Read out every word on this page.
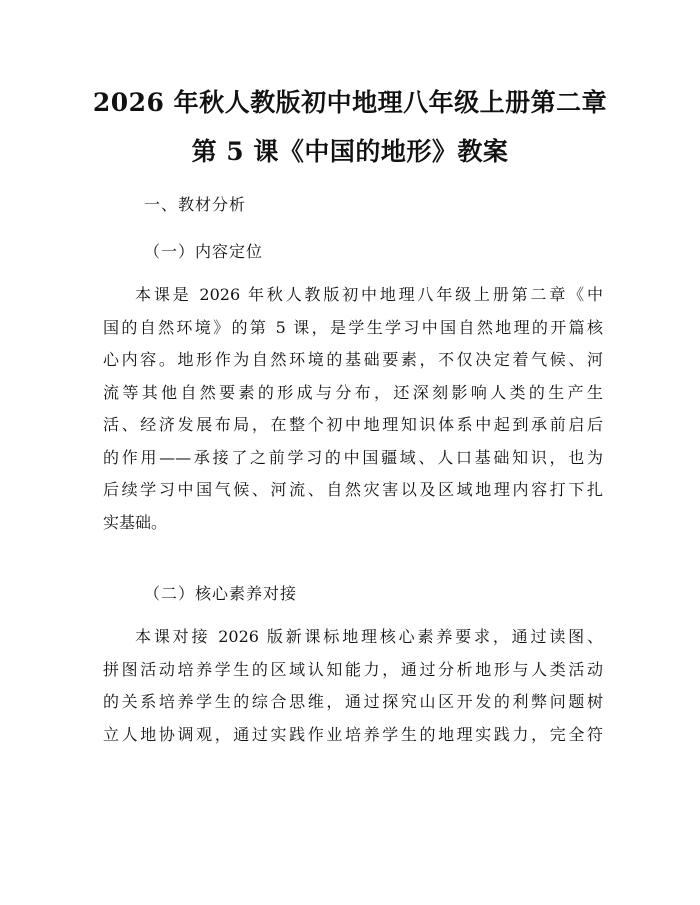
2026 年秋人教版初中地理八年级上册第二章
第 5 课《中国的地形》教案
一、教材分析
（一）内容定位
本课是 2026 年秋人教版初中地理八年级上册第二章《中
国的自然环境》的第 5 课，是学生学习中国自然地理的开篇核
心内容。地形作为自然环境的基础要素，不仅决定着气候、河
流等其他自然要素的形成与分布，还深刻影响人类的生产生
活、经济发展布局，在整个初中地理知识体系中起到承前启后
的作用——承接了之前学习的中国疆域、人口基础知识，也为
后续学习中国气候、河流、自然灾害以及区域地理内容打下扎
实基础。
（二）核心素养对接
本课对接 2026 版新课标地理核心素养要求，通过读图、
拼图活动培养学生的区域认知能力，通过分析地形与人类活动
的关系培养学生的综合思维，通过探究山区开发的利弊问题树
立人地协调观，通过实践作业培养学生的地理实践力，完全符
